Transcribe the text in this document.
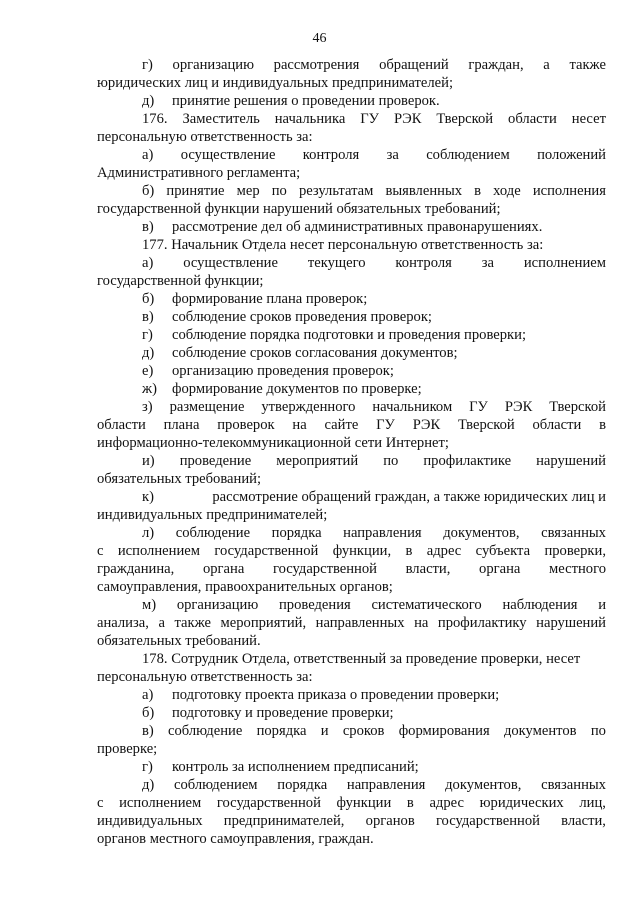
46
г) организацию рассмотрения обращений граждан, а также
юридических лиц и индивидуальных предпринимателей;
д) принятие решения о проведении проверок.
176. Заместитель начальника ГУ РЭК Тверской области несет
персональную ответственность за:
а) осуществление контроля за соблюдением положений
Административного регламента;
б) принятие мер по результатам выявленных в ходе исполнения
государственной функции нарушений обязательных требований;
в) рассмотрение дел об административных правонарушениях.
177. Начальник Отдела несет персональную ответственность за:
а) осуществление текущего контроля за исполнением
государственной функции;
б) формирование плана проверок;
в) соблюдение сроков проведения проверок;
г) соблюдение порядка подготовки и проведения проверки;
д) соблюдение сроков согласования документов;
е) организацию проведения проверок;
ж) формирование документов по проверке;
з) размещение утвержденного начальником ГУ РЭК Тверской
области плана проверок на сайте ГУ РЭК Тверской области в
информационно-телекоммуникационной сети Интернет;
и) проведение мероприятий по профилактике нарушений
обязательных требований;
к)	рассмотрение обращений граждан, а также юридических лиц и
индивидуальных предпринимателей;
л) соблюдение порядка направления документов, связанных
с исполнением государственной функции, в адрес субъекта проверки,
гражданина, органа государственной власти, органа местного
самоуправления, правоохранительных органов;
м) организацию проведения систематического наблюдения и
анализа, а также мероприятий, направленных на профилактику нарушений
обязательных требований.
178. Сотрудник Отдела, ответственный за проведение проверки, несет
персональную ответственность за:
а) подготовку проекта приказа о проведении проверки;
б) подготовку и проведение проверки;
в) соблюдение порядка и сроков формирования документов по
проверке;
г) контроль за исполнением предписаний;
д) соблюдением порядка направления документов, связанных
с исполнением государственной функции в адрес юридических лиц,
индивидуальных предпринимателей, органов государственной власти,
органов местного самоуправления, граждан.
